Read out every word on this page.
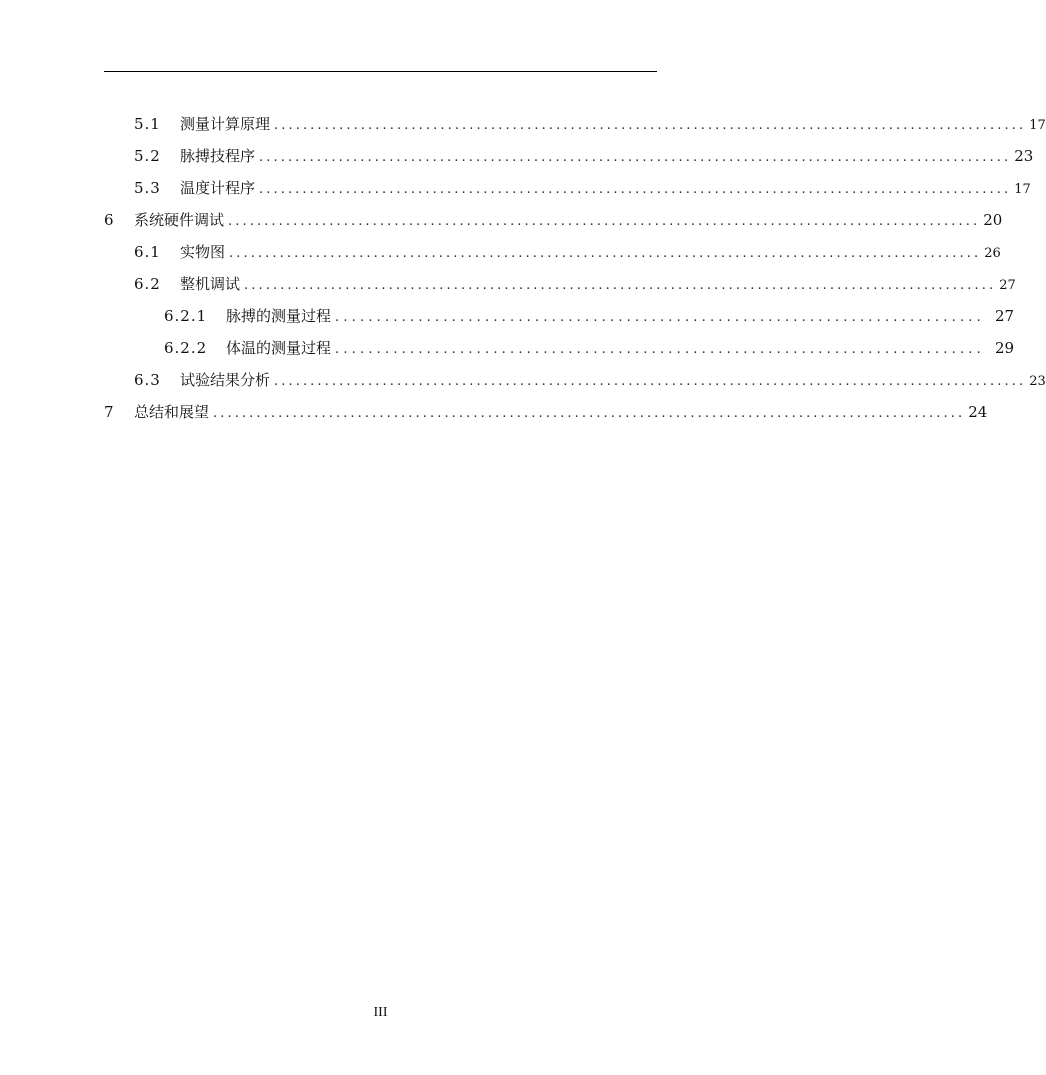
5.1	测量计算原理 ........................................................................................................ 17
5.2	脉搏技程序 ........................................................................................................ 23
5.3	温度计程序 ........................................................................................................ 17
6	系统硬件调试 ........................................................................................................ 20
6.1	实物图 ........................................................................................................ 26
6.2	整机调试 ........................................................................................................ 27
6.2.1	脉搏的测量过程 .............................................................................. 27
6.2.2	体温的测量过程 .............................................................................. 29
6.3	试验结果分析 ........................................................................................................ 23
7	总结和展望 ........................................................................................................ 24
III
